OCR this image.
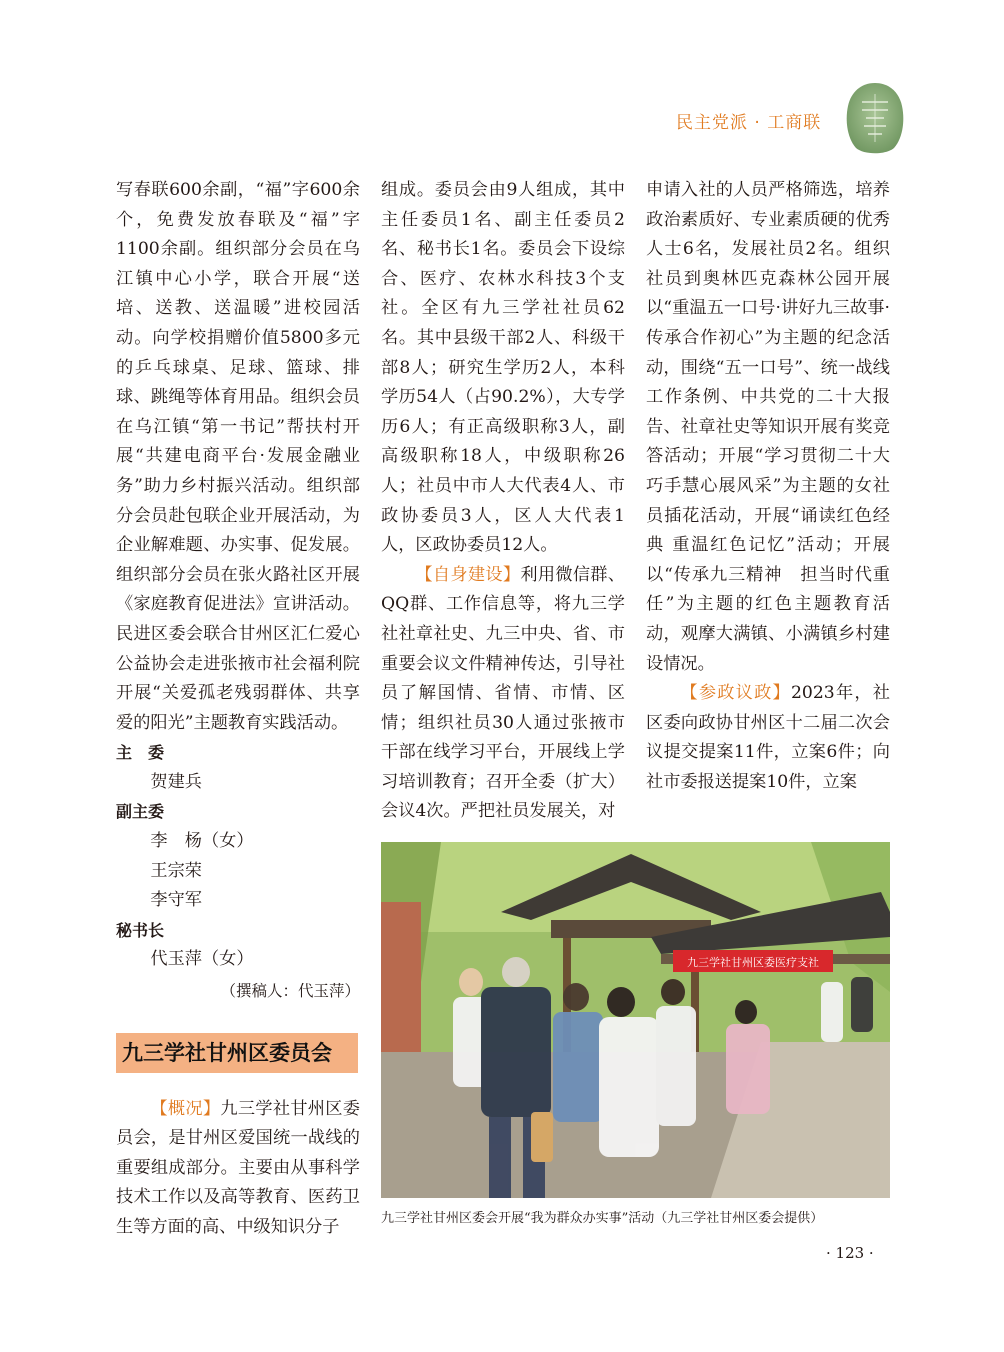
民主党派 · 工商联

写春联600余副，“福”字600余个，免费发放春联及“福”字1100余副。组织部分会员在乌江镇中心小学，联合开展“送培、送教、送温暖”进校园活动。向学校捐赠价值5800多元的乒乓球桌、足球、篮球、排球、跳绳等体育用品。组织会员在乌江镇“第一书记”帮扶村开展“共建电商平台·发展金融业务”助力乡村振兴活动。组织部分会员赴包联企业开展活动，为企业解难题、办实事、促发展。组织部分会员在张火路社区开展《家庭教育促进法》宣讲活动。民进区委会联合甘州区汇仁爱心公益协会走进张掖市社会福利院开展“关爱孤老残弱群体、共享爱的阳光”主题教育实践活动。

主　委

贺建兵

副主委

李　杨（女）

王宗荣

李守军

秘书长

代玉萍（女）

（撰稿人：代玉萍）

九三学社甘州区委员会

【概况】九三学社甘州区委员会，是甘州区爱国统一战线的重要组成部分。主要由从事科学技术工作以及高等教育、医药卫生等方面的高、中级知识分子

组成。委员会由9人组成，其中主任委员1名、副主任委员2名、秘书长1名。委员会下设综合、医疗、农林水科技3个支社。全区有九三学社社员62名。其中县级干部2人、科级干部8人；研究生学历2人，本科学历54人（占90.2%），大专学历6人；有正高级职称3人，副高级职称18人，中级职称26人；社员中市人大代表4人、市政协委员3人，区人大代表1人，区政协委员12人。

【自身建设】利用微信群、QQ群、工作信息等，将九三学社社章社史、九三中央、省、市重要会议文件精神传达，引导社员了解国情、省情、市情、区情；组织社员30人通过张掖市干部在线学习平台，开展线上学习培训教育；召开全委（扩大）会议4次。严把社员发展关，对

申请入社的人员严格筛选，培养政治素质好、专业素质硬的优秀人士6名，发展社员2名。组织社员到奥林匹克森林公园开展以“重温五一口号·讲好九三故事·传承合作初心”为主题的纪念活动，围绕“五一口号”、统一战线工作条例、中共党的二十大报告、社章社史等知识开展有奖竞答活动；开展“学习贯彻二十大 巧手慧心展风采”为主题的女社员插花活动，开展“诵读红色经典 重温红色记忆”活动；开展以“传承九三精神　担当时代重任”为主题的红色主题教育活动，观摩大满镇、小满镇乡村建设情况。

【参政议政】2023年，社区委向政协甘州区十二届二次会议提交提案11件，立案6件；向社市委报送提案10件，立案

九三学社甘州区委医疗支社
九三学社甘州区委会开展“我为群众办实事”活动（九三学社甘州区委会提供）
· 123 ·
